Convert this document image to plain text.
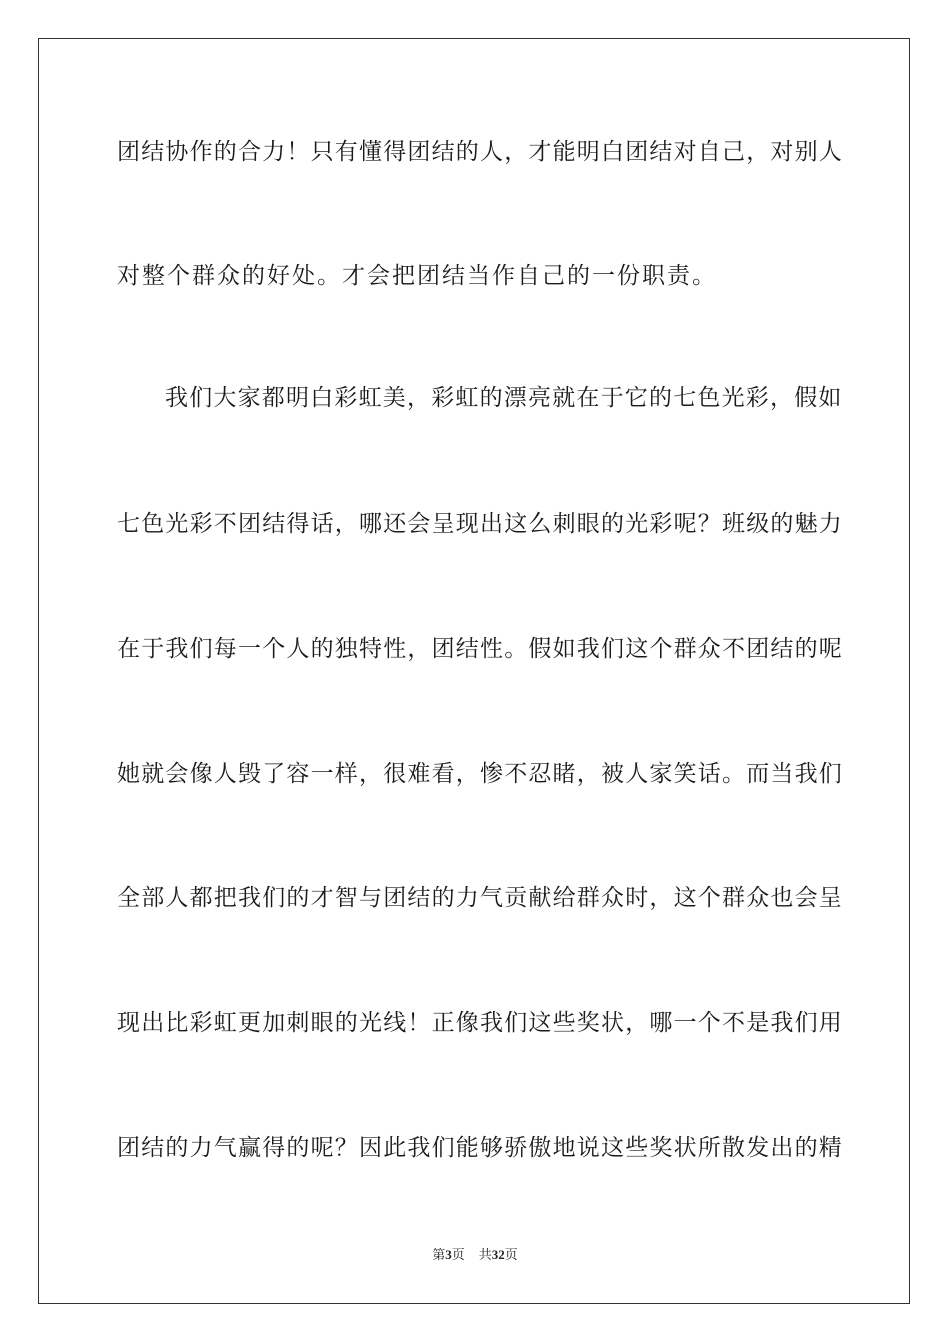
团结协作的合力！只有懂得团结的人，才能明白团结对自己，对别人
对整个群众的好处。才会把团结当作自己的一份职责。
我们大家都明白彩虹美，彩虹的漂亮就在于它的七色光彩，假如
七色光彩不团结得话，哪还会呈现出这么刺眼的光彩呢？班级的魅力
在于我们每一个人的独特性，团结性。假如我们这个群众不团结的呢
她就会像人毁了容一样，很难看，惨不忍睹，被人家笑话。而当我们
全部人都把我们的才智与团结的力气贡献给群众时，这个群众也会呈
现出比彩虹更加刺眼的光线！正像我们这些奖状，哪一个不是我们用
团结的力气赢得的呢？因此我们能够骄傲地说这些奖状所散发出的精
第3页 共32页
